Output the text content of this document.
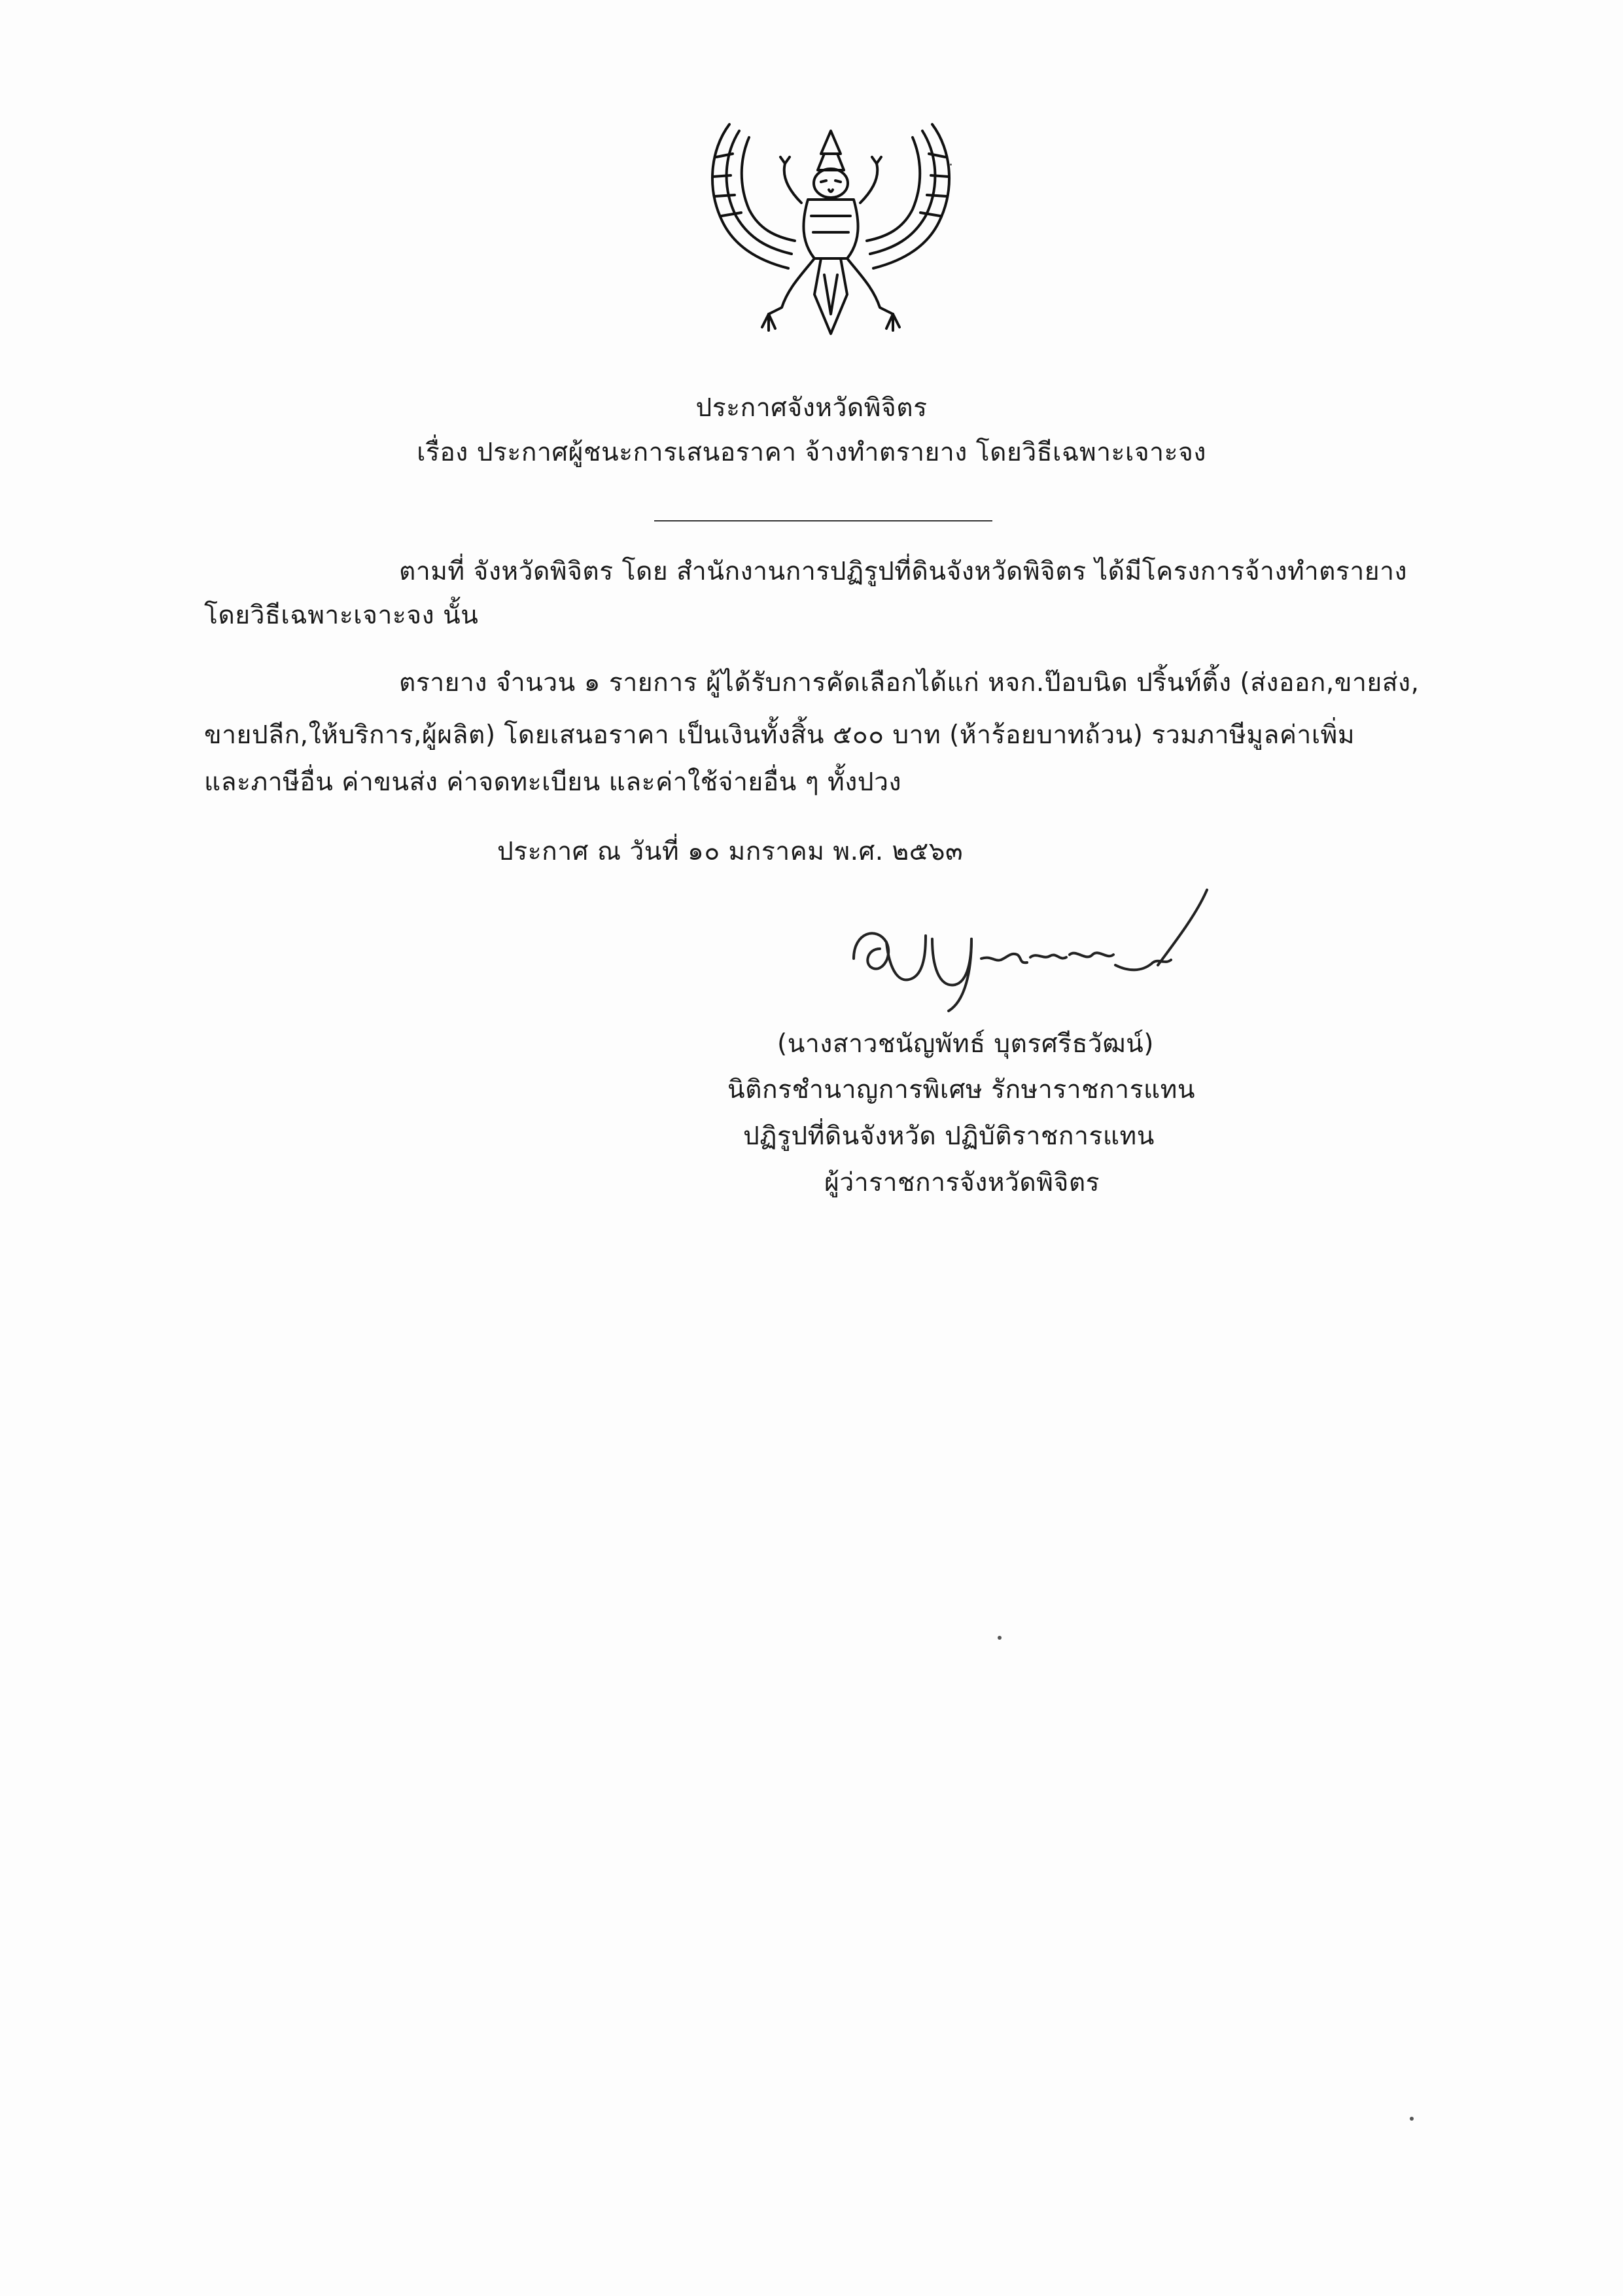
ประกาศจังหวัดพิจิตร
เรื่อง ประกาศผู้ชนะการเสนอราคา จ้างทำตรายาง โดยวิธีเฉพาะเจาะจง
ตามที่ จังหวัดพิจิตร โดย สำนักงานการปฏิรูปที่ดินจังหวัดพิจิตร ได้มีโครงการจ้างทำตรายาง
โดยวิธีเฉพาะเจาะจง นั้น
ตรายาง จำนวน ๑ รายการ ผู้ได้รับการคัดเลือกได้แก่ หจก.ป๊อบนิด ปริ้นท์ติ้ง (ส่งออก,ขายส่ง,
ขายปลีก,ให้บริการ,ผู้ผลิต) โดยเสนอราคา เป็นเงินทั้งสิ้น ๕๐๐ บาท (ห้าร้อยบาทถ้วน) รวมภาษีมูลค่าเพิ่ม
และภาษีอื่น ค่าขนส่ง ค่าจดทะเบียน และค่าใช้จ่ายอื่น ๆ ทั้งปวง
ประกาศ ณ วันที่ ๑๐ มกราคม พ.ศ. ๒๕๖๓
(นางสาวชนัญพัทธ์ บุตรศรีธวัฒน์)
นิติกรชำนาญการพิเศษ รักษาราชการแทน
ปฏิรูปที่ดินจังหวัด ปฏิบัติราชการแทน
ผู้ว่าราชการจังหวัดพิจิตร
